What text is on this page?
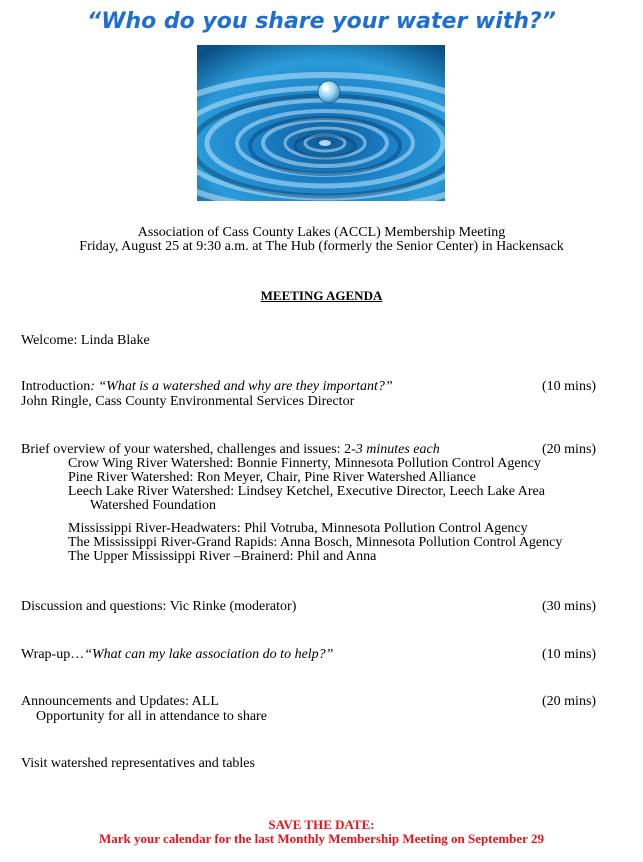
“Who do you share your water with?”
Association of Cass County Lakes (ACCL) Membership Meeting
Friday, August 25 at 9:30 a.m. at The Hub (formerly the Senior Center) in Hackensack
MEETING AGENDA
Welcome: Linda Blake
Introduction: “What is a watershed and why are they important?”	(10 mins)
John Ringle, Cass County Environmental Services Director
Brief overview of your watershed, challenges and issues: 2-3 minutes each	(20 mins)
Crow Wing River Watershed: Bonnie Finnerty, Minnesota Pollution Control Agency
Pine River Watershed: Ron Meyer, Chair, Pine River Watershed Alliance
Leech Lake River Watershed: Lindsey Ketchel, Executive Director, Leech Lake Area
Watershed Foundation
Mississippi River-Headwaters: Phil Votruba, Minnesota Pollution Control Agency
The Mississippi River-Grand Rapids: Anna Bosch, Minnesota Pollution Control Agency
The Upper Mississippi River –Brainerd: Phil and Anna
Discussion and questions: Vic Rinke (moderator)	(30 mins)
Wrap-up…“What can my lake association do to help?”	(10 mins)
Announcements and Updates: ALL	(20 mins)
Opportunity for all in attendance to share
Visit watershed representatives and tables
SAVE THE DATE:
Mark your calendar for the last Monthly Membership Meeting on September 29
